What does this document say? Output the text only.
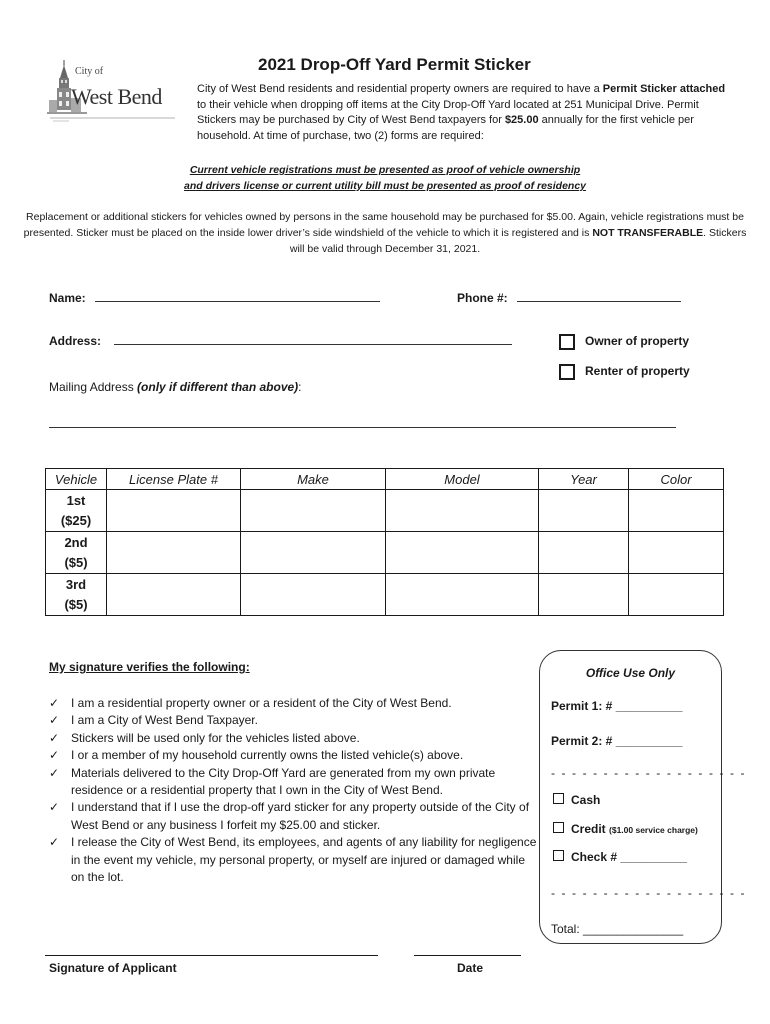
City of
West Bend
2021 Drop-Off Yard Permit Sticker
City of West Bend residents and residential property owners are required to have a Permit Sticker attached to their vehicle when dropping off items at the City Drop-Off Yard located at 251 Municipal Drive. Permit Stickers may be purchased by City of West Bend taxpayers for $25.00 annually for the first vehicle per household. At time of purchase, two (2) forms are required:
Current vehicle registrations must be presented as proof of vehicle ownership
and drivers license or current utility bill must be presented as proof of residency
Replacement or additional stickers for vehicles owned by persons in the same household may be purchased for $5.00. Again, vehicle registrations must be presented. Sticker must be placed on the inside lower driver’s side windshield of the vehicle to which it is registered and is NOT TRANSFERABLE. Stickers will be valid through December 31, 2021.
Name:	Phone #:
Address:	Owner of property
Renter of property
Mailing Address (only if different than above):
Vehicle	License Plate #	Make	Model	Year	Color
1st
($25)					
2nd
($5)					
3rd
($5)					
My signature verifies the following:
✓ I am a residential property owner or a resident of the City of West Bend.
✓ I am a City of West Bend Taxpayer.
✓ Stickers will be used only for the vehicles listed above.
✓ I or a member of my household currently owns the listed vehicle(s) above.
✓ Materials delivered to the City Drop-Off Yard are generated from my own private residence or a residential property that I own in the City of West Bend.
✓ I understand that if I use the drop-off yard sticker for any property outside of the City of West Bend or any business I forfeit my $25.00 and sticker.
✓ I release the City of West Bend, its employees, and agents of any liability for negligence in the event my vehicle, my personal property, or myself are injured or damaged while on the lot.
Office Use Only
Permit 1: # __________
Permit 2: # __________
- - - - - - - - - - - - - - - - - - -
Cash
Credit ($1.00 service charge)
Check # __________
- - - - - - - - - - - - - - - - - - -
Total: _______________
Signature of Applicant	Date
